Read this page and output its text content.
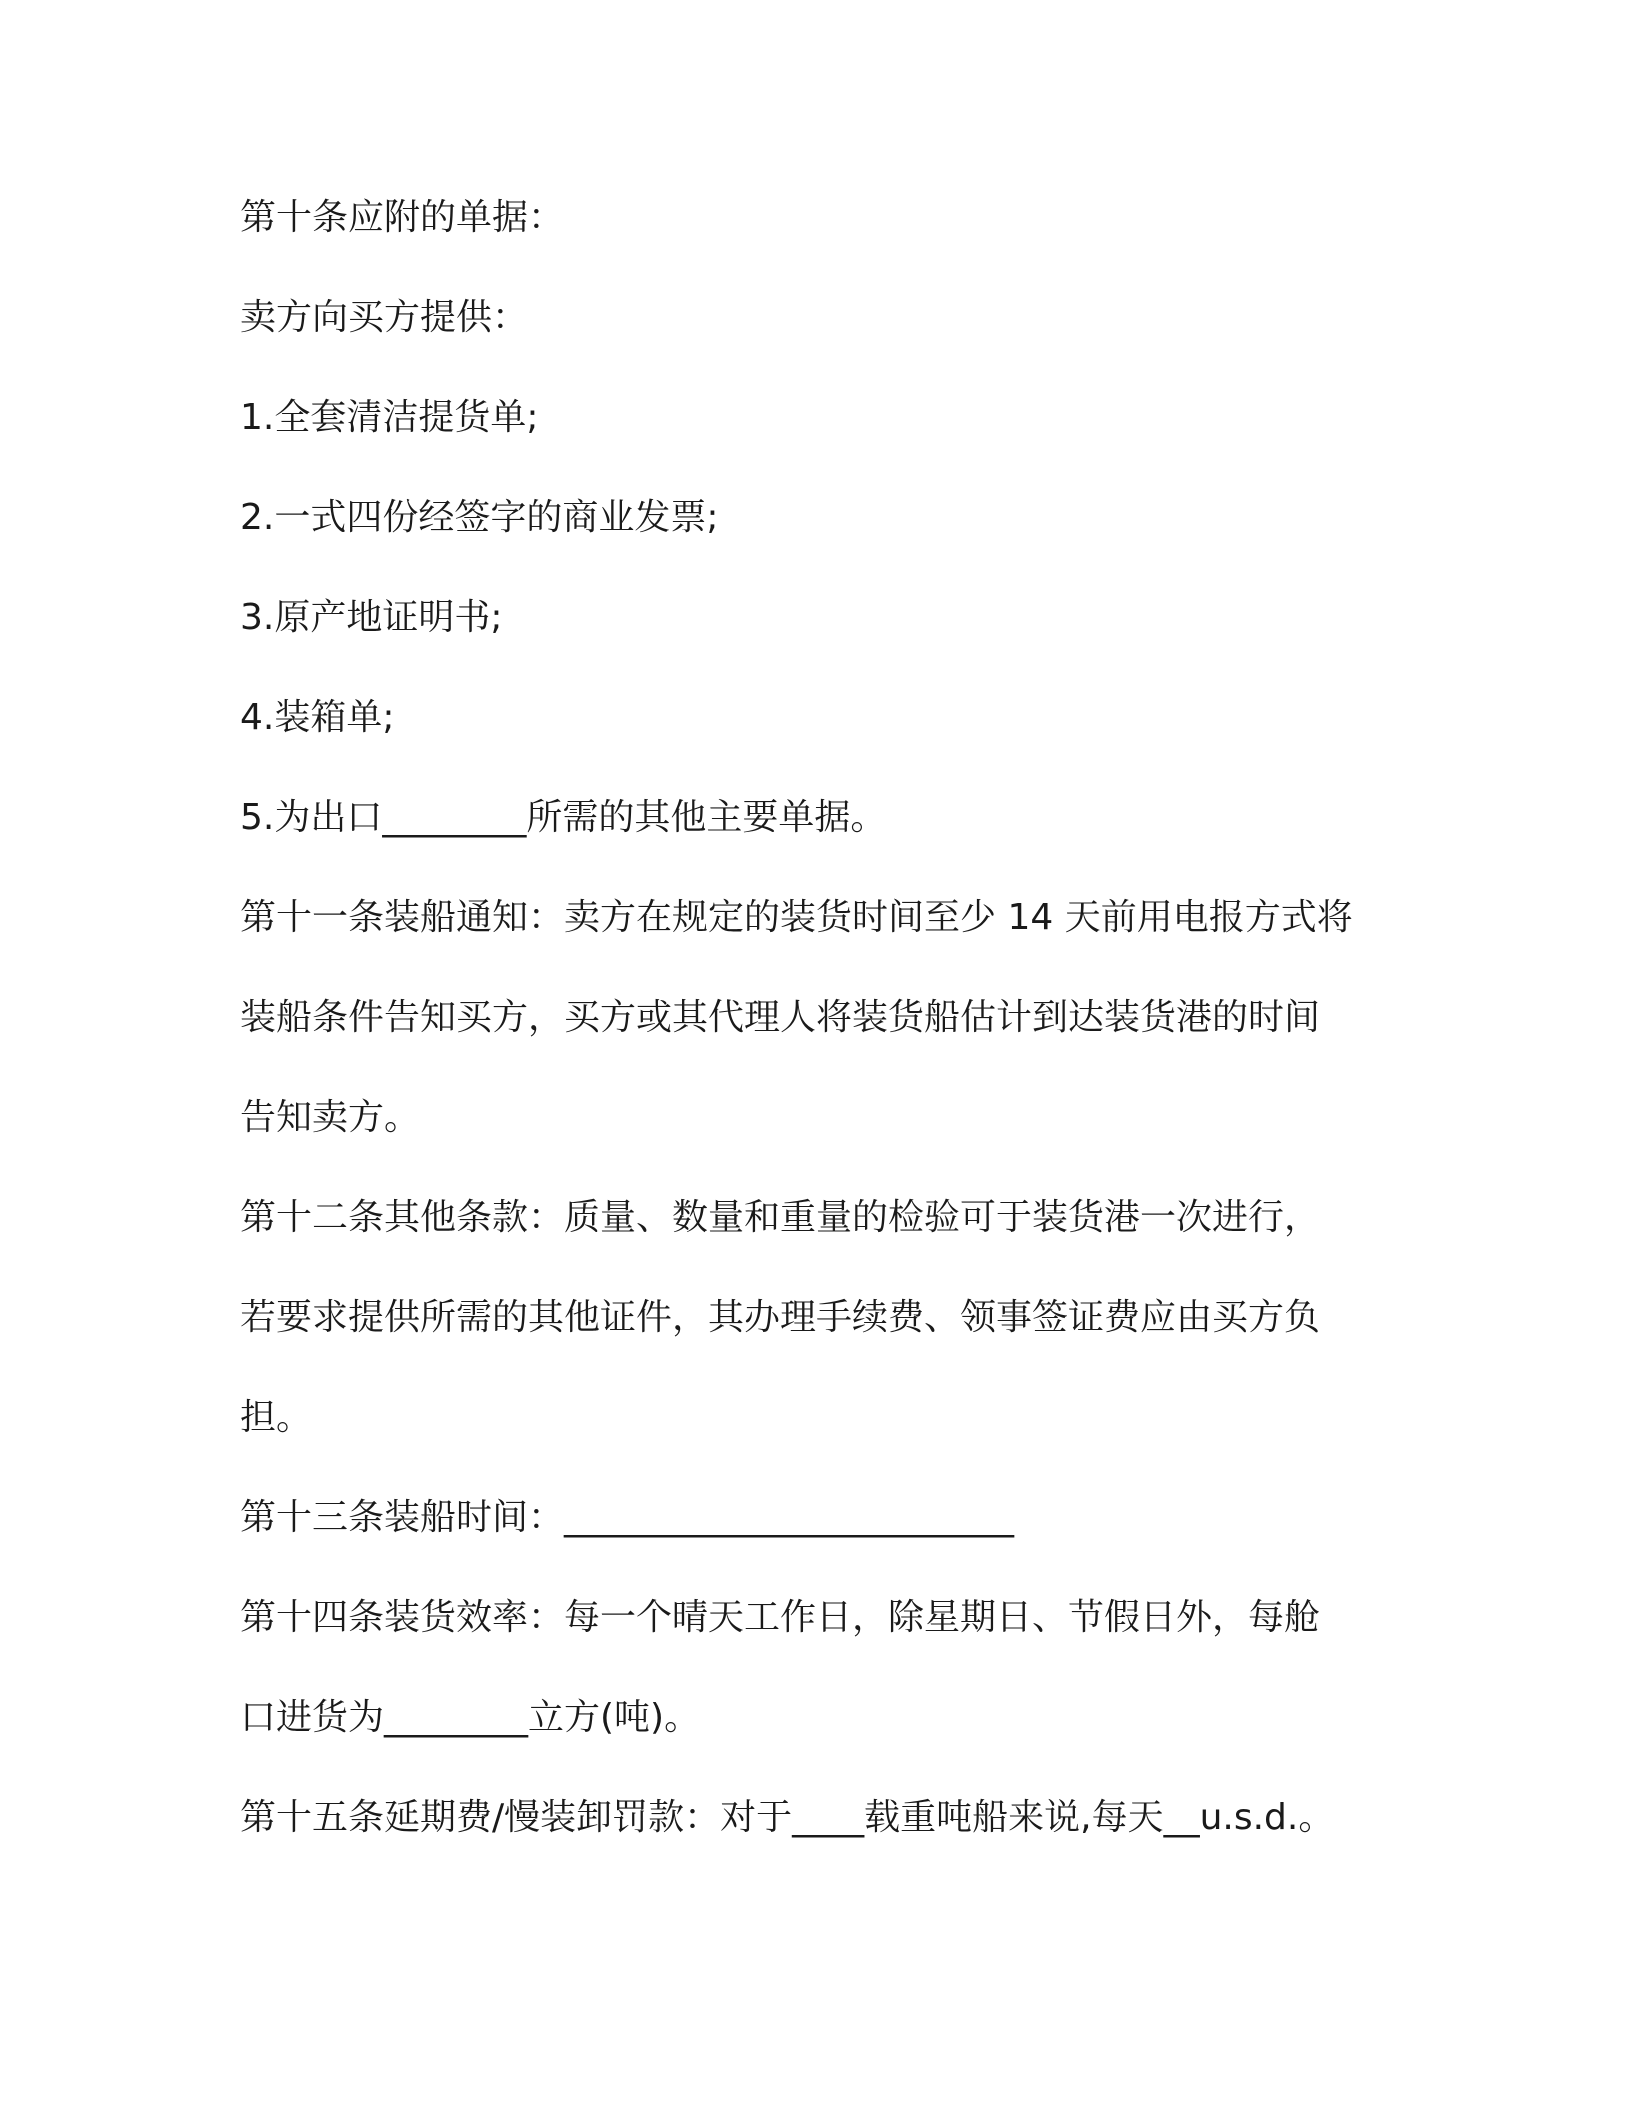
第十条应附的单据：
卖方向买方提供：
1.全套清洁提货单;
2.一式四份经签字的商业发票;
3.原产地证明书;
4.装箱单;
5.为出口________所需的其他主要单据。
第十一条装船通知：卖方在规定的装货时间至少 14 天前用电报方式将
装船条件告知买方，买方或其代理人将装货船估计到达装货港的时间
告知卖方。
第十二条其他条款：质量、数量和重量的检验可于装货港一次进行，
若要求提供所需的其他证件，其办理手续费、领事签证费应由买方负
担。
第十三条装船时间：_________________________
第十四条装货效率：每一个晴天工作日，除星期日、节假日外，每舱
口进货为________立方(吨)。
第十五条延期费/慢装卸罚款：对于____载重吨船来说,每天__u.s.d.。
